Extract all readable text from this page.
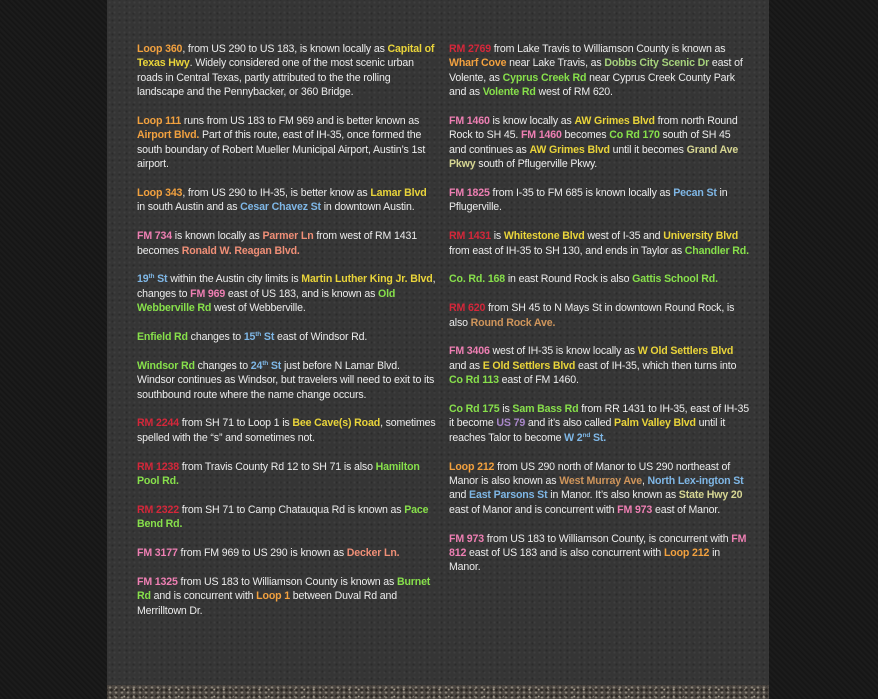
Loop 360, from US 290 to US 183, is known locally as Capital of Texas Hwy. Widely considered one of the most scenic urban roads in Central Texas, partly attributed to the the rolling landscape and the Pennybacker, or 360 Bridge.

Loop 111 runs from US 183 to FM 969 and is better known as Airport Blvd. Part of this route, east of IH-35, once formed the south boundary of Robert Mueller Municipal Airport, Austin’s 1st airport.

Loop 343, from US 290 to IH-35, is better know as Lamar Blvd in south Austin and as Cesar Chavez St in downtown Austin.

FM 734 is known locally as Parmer Ln from west of RM 1431 becomes Ronald W. Reagan Blvd.

19th St within the Austin city limits is Martin Luther King Jr. Blvd, changes to FM 969 east of US 183, and is known as Old Webberville Rd west of Webberville.

Enfield Rd changes to 15th St east of Windsor Rd.

Windsor Rd changes to 24th St just before N Lamar Blvd. Windsor continues as Windsor, but travelers will need to exit to its southbound route where the name change occurs.

RM 2244 from SH 71 to Loop 1 is Bee Cave(s) Road, sometimes spelled with the “s” and sometimes not.

RM 1238 from Travis County Rd 12 to SH 71 is also Hamilton Pool Rd.

RM 2322 from SH 71 to Camp Chatauqua Rd is known as Pace Bend Rd.

FM 3177 from FM 969 to US 290 is known as Decker Ln.

FM 1325 from US 183 to Williamson County is known as Burnet Rd and is concurrent with Loop 1 between Duval Rd and Merrilltown Dr.

RM 2769 from Lake Travis to Williamson County is known as Wharf Cove near Lake Travis, as Dobbs City Scenic Dr east of Volente, as Cyprus Creek Rd near Cyprus Creek County Park and as Volente Rd west of RM 620.

FM 1460 is know locally as AW Grimes Blvd from north Round Rock to SH 45. FM 1460 becomes Co Rd 170 south of SH 45 and continues as AW Grimes Blvd until it becomes Grand Ave Pkwy south of Pflugerville Pkwy.

FM 1825 from I-35 to FM 685 is known locally as Pecan St in Pflugerville.

RM 1431 is Whitestone Blvd west of I-35 and University Blvd from east of IH-35 to SH 130, and ends in Taylor as Chandler Rd.

Co. Rd. 168 in east Round Rock is also Gattis School Rd.

RM 620 from SH 45 to N Mays St in downtown Round Rock, is also Round Rock Ave.

FM 3406 west of IH-35 is know locally as W Old Settlers Blvd and as E Old Settlers Blvd east of IH-35, which then turns into Co Rd 113 east of FM 1460.

Co Rd 175 is Sam Bass Rd from RR 1431 to IH-35, east of IH-35 it become US 79 and it’s also called Palm Valley Blvd until it reaches Talor to become W 2nd St.

Loop 212 from US 290 north of Manor to US 290 northeast of Manor is also known as West Murray Ave, North Lex-ington St and East Parsons St in Manor. It’s also known as State Hwy 20 east of Manor and is concurrent with FM 973 east of Manor.

FM 973 from US 183 to Williamson County, is concurrent with FM 812 east of US 183 and is also concurrent with Loop 212 in Manor.
